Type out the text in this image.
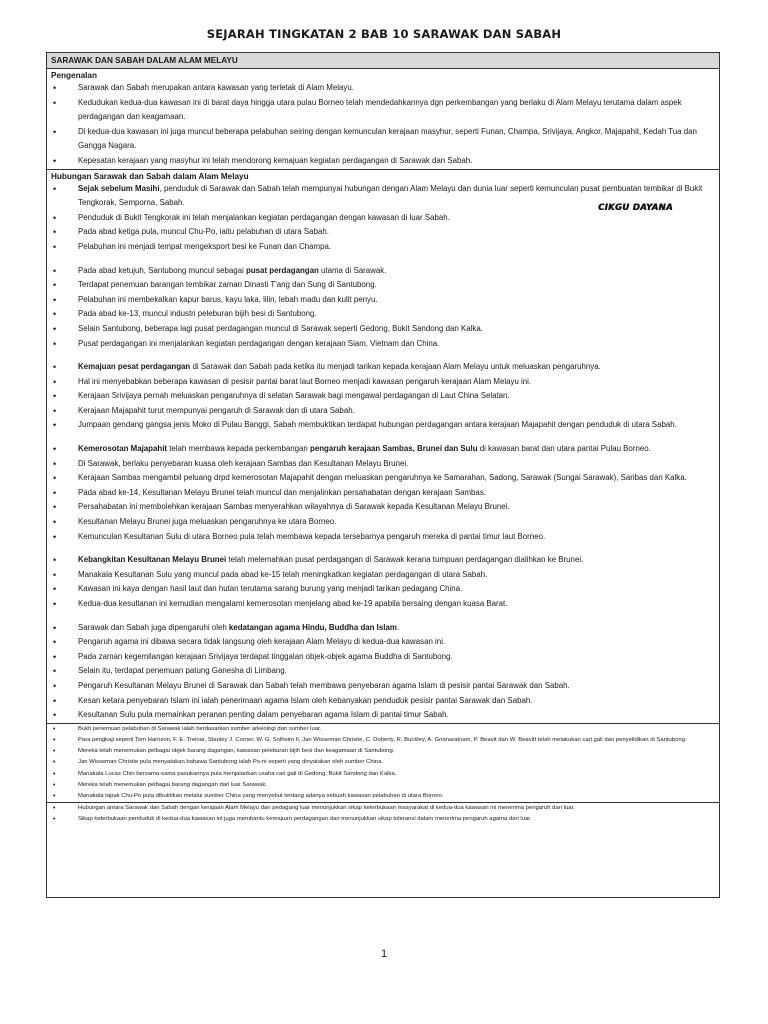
SEJARAH TINGKATAN 2 BAB 10 SARAWAK DAN SABAH
SARAWAK DAN SABAH DALAM ALAM MELAYU
Pengenalan
• Sarawak dan Sabah merupakan antara kawasan yang terletak di Alam Melayu.
• Kedudukan kedua-dua kawasan ini di barat daya hingga utara pulau Borneo telah mendedahkannya dgn perkembangan yang berlaku di Alam Melayu terutama dalam aspek perdagangan dan keagamaan.
• Di kedua-dua kawasan ini juga muncul beberapa pelabuhan seiring dengan kemunculan kerajaan masyhur, seperti Funan, Champa, Srivijaya, Angkor, Majapahit, Kedah Tua dan Gangga Nagara.
• Kepesatan kerajaan yang masyhur ini telah mendorong kemajuan kegiatan perdagangan di Sarawak dan Sabah.
Hubungan Sarawak dan Sabah dalam Alam Melayu
• Sejak sebelum Masihi, penduduk di Sarawak dan Sabah telah mempunyai hubungan dengan Alam Melayu dan dunia luar seperti kemunculan pusat pembuatan tembikar di Bukit Tengkorak, Semporna, Sabah.
• Penduduk di Bukit Tengkorak ini telah menjalankan kegiatan perdagangan dengan kawasan di luar Sabah.
• Pada abad ketiga pula, muncul Chu-Po, iaitu pelabuhan di utara Sabah.
• Pelabuhan ini menjadi tempat mengeksport besi ke Funan dan Champa.
• Pada abad ketujuh, Santubong muncul sebagai pusat perdagangan utama di Sarawak.
• Terdapat penemuan barangan tembikar zaman Dinasti T'ang dan Sung di Santubong.
• Pelabuhan ini membekalkan kapur barus, kayu laka, lilin, lebah madu dan kulit penyu.
• Pada abad ke-13, muncul industri peleburan bijih besi di Santubong.
• Selain Santubong, beberapa lagi pusat perdagangan muncul di Sarawak seperti Gedong, Bukit Sandong dan Kalka.
• Pusat perdagangan ini menjalankan kegiatan perdagangan dengan kerajaan Siam, Vietnam dan China.
• Kemajuan pesat perdagangan di Sarawak dan Sabah pada ketika itu menjadi tarikan kepada kerajaan Alam Melayu untuk meluaskan pengaruhnya.
• Hal ini menyebabkan beberapa kawasan di pesisir pantai barat laut Borneo menjadi kawasan pengaruh kerajaan Alam Melayu ini.
• Kerajaan Srivijaya pernah meluaskan pengaruhnya di selatan Sarawak bagi mengawal perdagangan di Laut China Selatan.
• Kerajaan Majapahit turut mempunyai pengaruh di Sarawak dan di utara Sabah.
• Jumpaan gendang gangsa jenis Moko di Pulau Banggi, Sabah membuktikan terdapat hubungan perdagangan antara kerajaan Majapahit dengan penduduk di utara Sabah.
• Kemerosotan Majapahit telah membawa kepada perkembangan pengaruh kerajaan Sambas, Brunei dan Sulu di kawasan barat dan utara pantai Pulau Borneo.
• Di Sarawak, berlaku penyebaran kuasa oleh kerajaan Sambas dan Kesultanan Melayu Brunei.
• Kerajaan Sambas mengambil peluang drpd kemerosotan Majapahit dengan meluaskan pengaruhnya ke Samarahan, Sadong, Sarawak (Sungai Sarawak), Saribas dan Kalka.
• Pada abad ke-14, Kesultanan Melayu Brunei telah muncul dan menjalinkan persahabatan dengan kerajaan Sambas.
• Persahabatan ini membolehkan kerajaan Sambas menyerahkan wilayahnya di Sarawak kepada Kesultanan Melayu Brunei.
• Kesultanan Melayu Brunei juga meluaskan pengaruhnya ke utara Borneo.
• Kemunculan Kesultanan Sulu di utara Borneo pula telah membawa kepada tersebarnya pengaruh mereka di pantai timur laut Borneo.
• Kebangkitan Kesultanan Melayu Brunei telah melemahkan pusat perdagangan di Sarawak kerana tumpuan perdagangan dialihkan ke Brunei.
• Manakala Kesultanan Sulu yang muncul pada abad ke-15 telah meningkatkan kegiatan perdagangan di utara Sabah.
• Kawasan ini kaya dengan hasil laut dan hutan terutama sarang burung yang menjadi tarikan pedagang China.
• Kedua-dua kesultanan ini kemudian mengalami kemerosotan menjelang abad ke-19 apabila bersaing dengan kuasa Barat.
• Sarawak dan Sabah juga dipengaruhi oleh kedatangan agama Hindu, Buddha dan Islam.
• Pengaruh agama ini dibawa secara tidak langsung oleh kerajaan Alam Melayu di kedua-dua kawasan ini.
• Pada zaman kegemilangan kerajaan Srivijaya terdapat tinggalan objek-objek agama Buddha di Santubong.
• Selain itu, terdapat penemuan patung Ganesha di Limbang.
• Pengaruh Kesultanan Melayu Brunei di Sarawak dan Sabah telah membawa penyebaran agama Islam di pesisir pantai Sarawak dan Sabah.
• Kesan ketara penyebaran Islam ini ialah penerimaan agama Islam oleh kebanyakan penduduk pesisir pantai Sarawak dan Sabah.
• Kesultanan Sulu pula memainkan peranan penting dalam penyebaran agama Islam di pantai timur Sabah.
• Bukti penemuan pelabuhan di Sarawak ialah berdasarkan sumber arkeologi dan sumber luar.
• Para pengkaji seperti Tom Harrison, F. E. Treloar, Stanley J. Corner, W. G. Solheim II, Jan Wisseman Christie, C. Doherty, R. Buckley, A. Gnanaratnam, P. Beavit dan W. Beavitt telah melakukan cari gali dan penyelidikan di Santubong.
• Mereka telah menemukan pelbagai objek barang dagangan, kawasan peleburan bijih besi dan keagamaan di Santubong.
• Jan Wisseman Christie pula menyatakan bahawa Santubong ialah Po-ni seperti yang dinyatakan oleh sumber China.
• Manakala Lucas Chin bersama-sama pasukannya pula menjalankan usaha cari gali di Gedong, Bukit Sandong dan Kalka.
• Mereka telah menemukan pelbagai barang dagangan dari luar Sarawak.
• Manakala tapak Chu-Po pula dibuktikan melalui sumber China yang menyebut tentang adanya sebuah kawasan pelabuhan di utara Borneo.
• Hubungan antara Sarawak dan Sabah dengan kerajaan Alam Melayu dan pedagang luar menunjukkan sikap keterbukaan masyarakat di kedua-dua kawasan ini menerima pengaruh dari luar.
• Sikap keterbukaan penduduk di kedua-dua kawasan ini juga membantu kemajuan perdagangan dan menunjukkan sikap toleransi dalam menerima pengaruh agama dari luar.
CIKGU DAYANA
1
